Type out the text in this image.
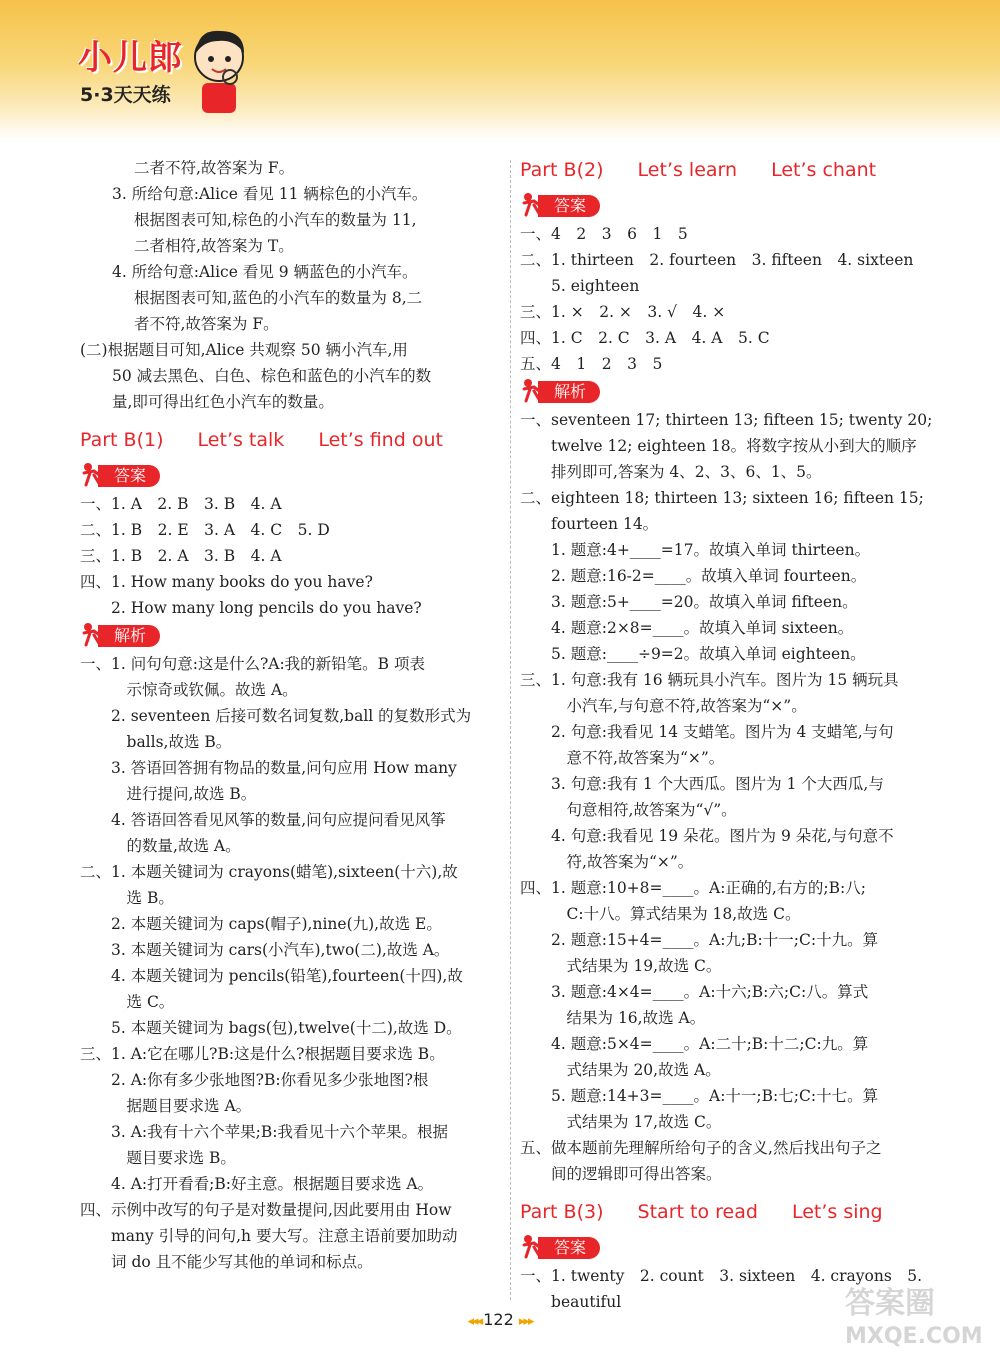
小儿郎
5·3天天练
二者不符,故答案为 F。
3. 所给句意:Alice 看见 11 辆棕色的小汽车。
根据图表可知,棕色的小汽车的数量为 11,
二者相符,故答案为 T。
4. 所给句意:Alice 看见 9 辆蓝色的小汽车。
根据图表可知,蓝色的小汽车的数量为 8,二
者不符,故答案为 F。
(二)根据题目可知,Alice 共观察 50 辆小汽车,用
50 减去黑色、白色、棕色和蓝色的小汽车的数
量,即可得出红色小汽车的数量。
Part B(1) Let’s talk Let’s find out
答案
一、 1. A　2. B　3. B　4. A
二、 1. B　2. E　3. A　4. C　5. D
三、 1. B　2. A　3. B　4. A
四、 1. How many books do you have?

2. How many long pencils do you have?
解析
一、 1. 问句句意:这是什么?A:我的新铅笔。B 项表

　示惊奇或钦佩。故选 A。

2. seventeen 后接可数名词复数,ball 的复数形式为

　balls,故选 B。

3. 答语回答拥有物品的数量,问句应用 How many

　进行提问,故选 B。

4. 答语回答看见风筝的数量,问句应提问看见风筝

　的数量,故选 A。
二、 1. 本题关键词为 crayons(蜡笔),sixteen(十六),故

　选 B。

2. 本题关键词为 caps(帽子),nine(九),故选 E。

3. 本题关键词为 cars(小汽车),two(二),故选 A。

4. 本题关键词为 pencils(铅笔),fourteen(十四),故

　选 C。

5. 本题关键词为 bags(包),twelve(十二),故选 D。
三、 1. A:它在哪儿?B:这是什么?根据题目要求选 B。

2. A:你有多少张地图?B:你看见多少张地图?根

　据题目要求选 A。

3. A:我有十六个苹果;B:我看见十六个苹果。根据

　题目要求选 B。

4. A:打开看看;B:好主意。根据题目要求选 A。
四、 示例中改写的句子是对数量提问,因此要用由 How

many 引导的问句,h 要大写。注意主语前要加助动

词 do 且不能少写其他的单词和标点。
Part B(2) Let’s learn Let’s chant
答案
一、 4　2　3　6　1　5
二、 1. thirteen　2. fourteen　3. fifteen　4. sixteen

5. eighteen
三、 1. ×　2. ×　3. √　4. ×
四、 1. C　2. C　3. A　4. A　5. C
五、 4　1　2　3　5
解析
一、 seventeen 17; thirteen 13; fifteen 15; twenty 20;

twelve 12; eighteen 18。将数字按从小到大的顺序

排列即可,答案为 4、2、3、6、1、5。
二、 eighteen 18; thirteen 13; sixteen 16; fifteen 15;

fourteen 14。

1. 题意:4+____=17。故填入单词 thirteen。

2. 题意:16-2=____。故填入单词 fourteen。

3. 题意:5+____=20。故填入单词 fifteen。

4. 题意:2×8=____。故填入单词 sixteen。

5. 题意:____÷9=2。故填入单词 eighteen。
三、 1. 句意:我有 16 辆玩具小汽车。图片为 15 辆玩具

　小汽车,与句意不符,故答案为“×”。

2. 句意:我看见 14 支蜡笔。图片为 4 支蜡笔,与句

　意不符,故答案为“×”。

3. 句意:我有 1 个大西瓜。图片为 1 个大西瓜,与

　句意相符,故答案为“√”。

4. 句意:我看见 19 朵花。图片为 9 朵花,与句意不

　符,故答案为“×”。
四、 1. 题意:10+8=____。A:正确的,右方的;B:八;

　C:十八。算式结果为 18,故选 C。

2. 题意:15+4=____。A:九;B:十一;C:十九。算

　式结果为 19,故选 C。

3. 题意:4×4=____。A:十六;B:六;C:八。算式

　结果为 16,故选 A。

4. 题意:5×4=____。A:二十;B:十二;C:九。算

　式结果为 20,故选 A。

5. 题意:14+3=____。A:十一;B:七;C:十七。算

　式结果为 17,故选 C。
五、 做本题前先理解所给句子的含义,然后找出句子之

间的逻辑即可得出答案。
Part B(3) Start to read Let’s sing
答案
一、 1. twenty　2. count　3. sixteen　4. crayons　5. beautiful
◂◂◂ 122 ▸▸▸
答案圈
MXQE.COM
